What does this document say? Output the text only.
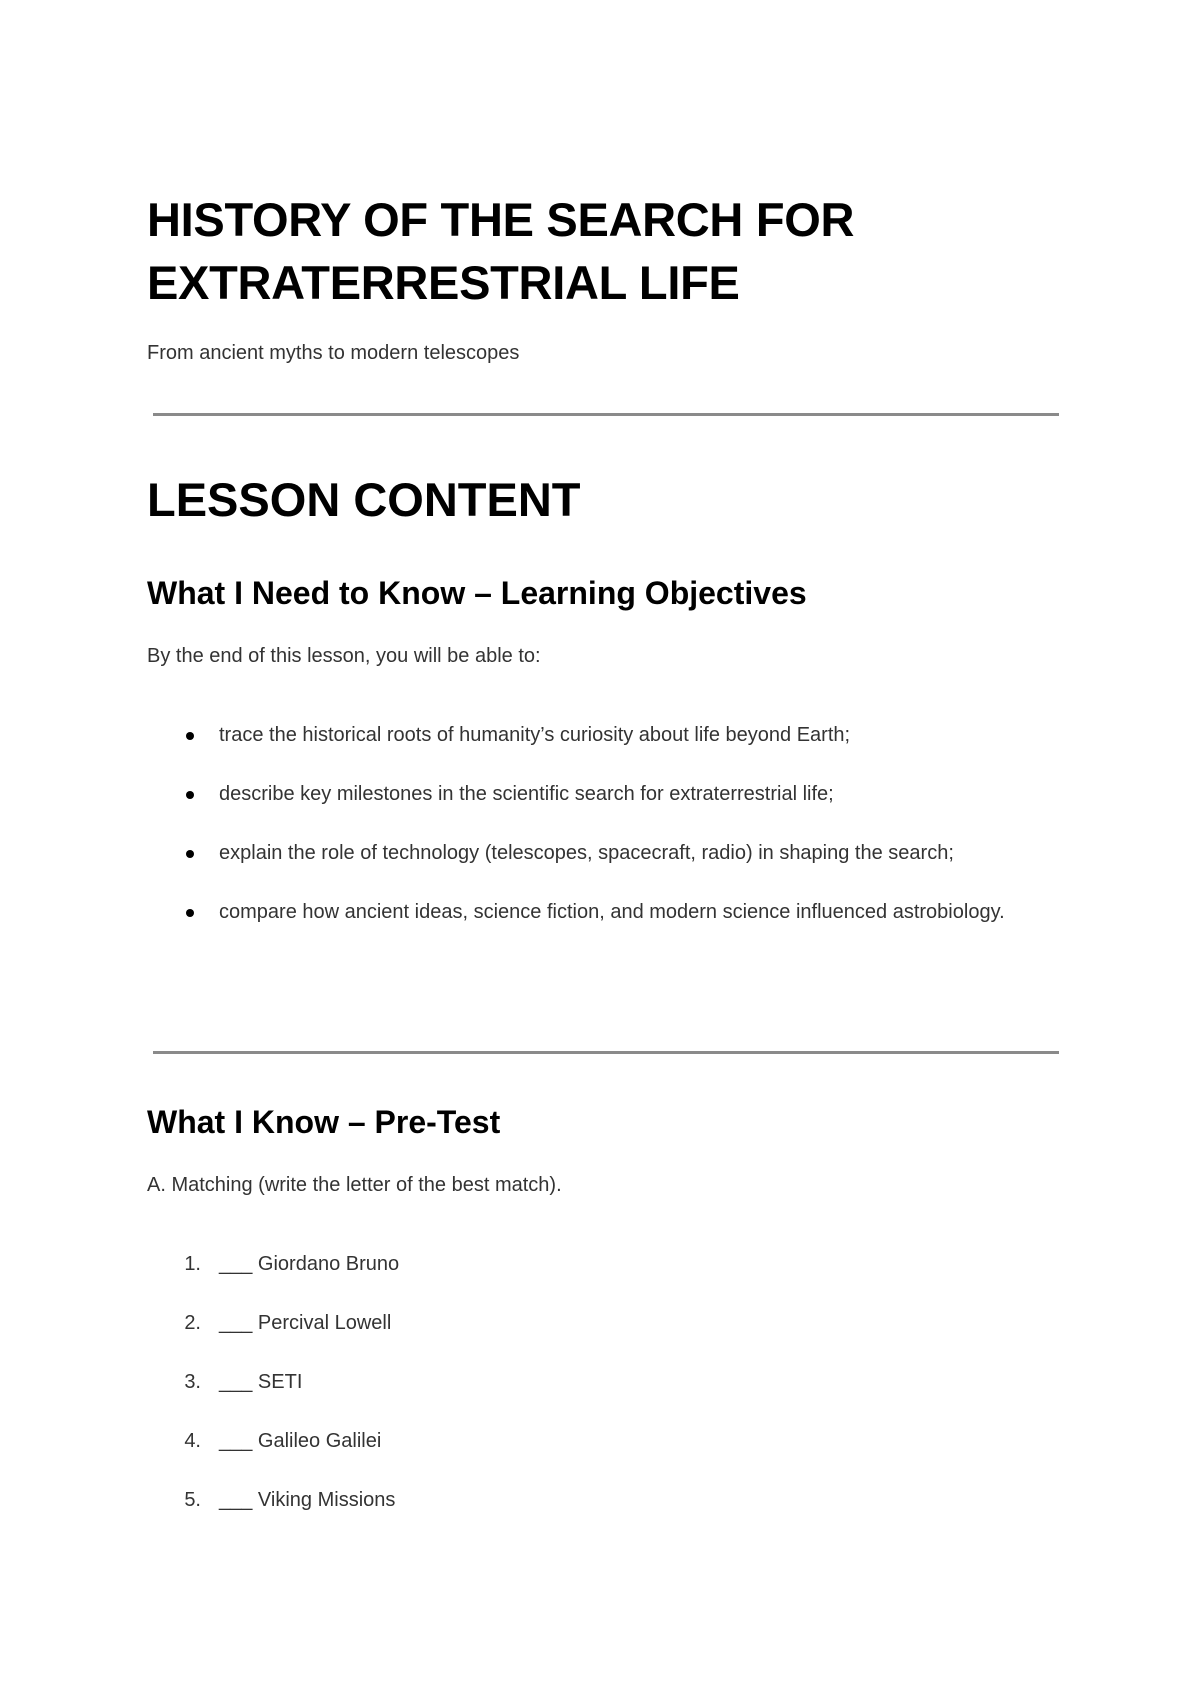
HISTORY OF THE SEARCH FOR EXTRATERRESTRIAL LIFE

From ancient myths to modern telescopes

LESSON CONTENT
What I Need to Know – Learning Objectives

By the end of this lesson, you will be able to:

trace the historical roots of humanity’s curiosity about life beyond Earth;
describe key milestones in the scientific search for extraterrestrial life;
explain the role of technology (telescopes, spacecraft, radio) in shaping the search;
compare how ancient ideas, science fiction, and modern science influenced astrobiology.
What I Know – Pre-Test

A. Matching (write the letter of the best match).

1. ___ Giordano Bruno
2. ___ Percival Lowell
3. ___ SETI
4. ___ Galileo Galilei
5. ___ Viking Missions
